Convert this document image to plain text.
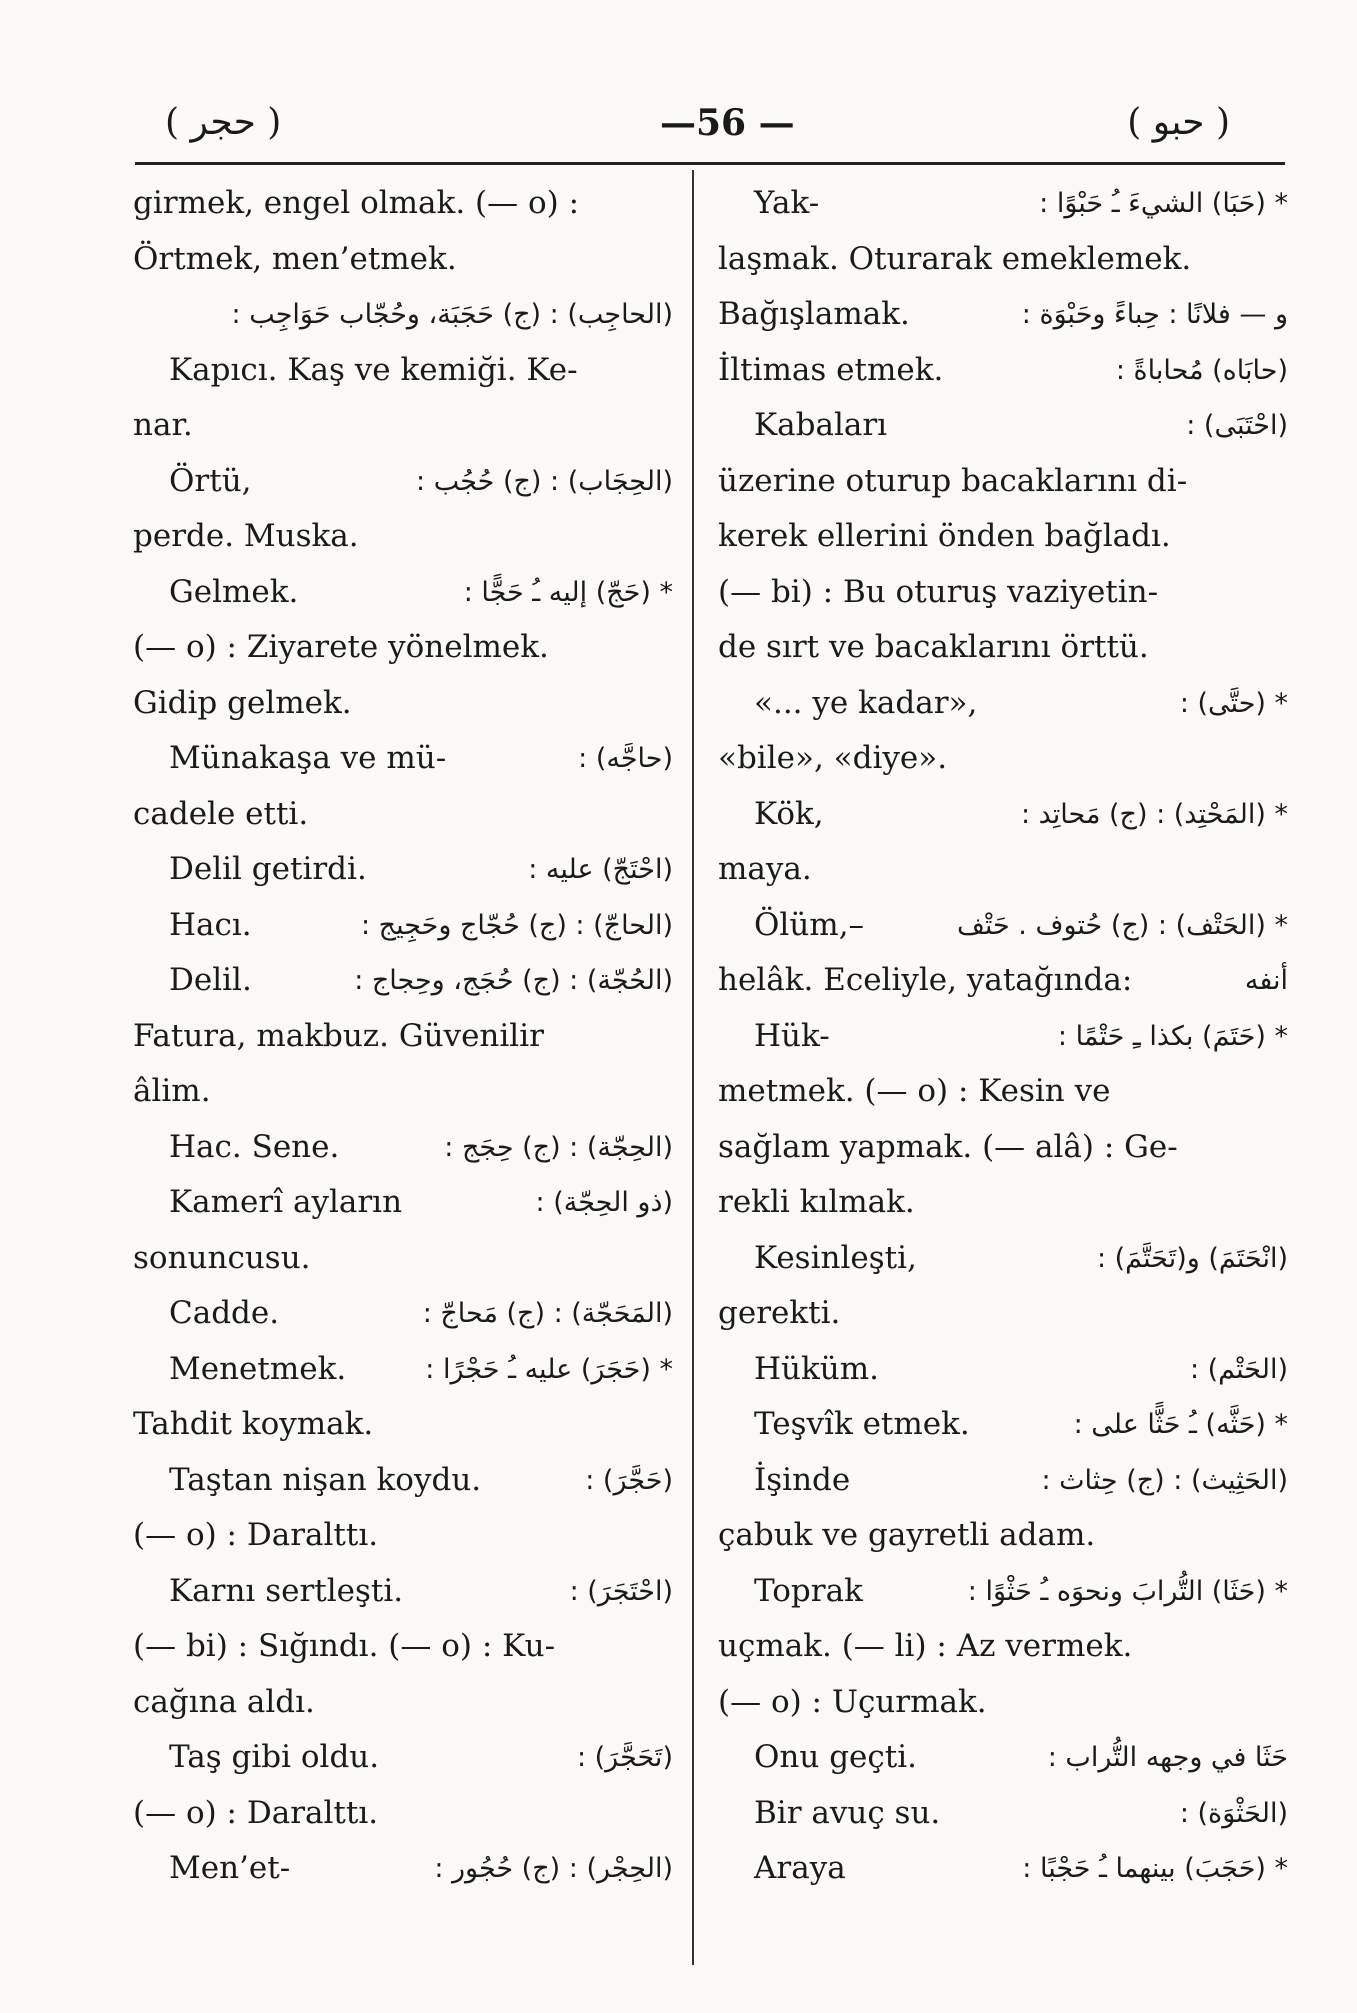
( حجر )	—56 —	( حبو )
girmek, engel olmak. (— o) :
Örtmek, men’etmek.
(الحاجِب) : (ج) حَجَبَة، وحُجّاب حَوَاجِب :
Kapıcı. Kaş ve kemiği. Ke-
nar.
Örtü,	(الحِجَاب) : (ج) حُجُب :
perde. Muska.
Gelmek.	* (حَجّ) إليه ـُ حَجًّا :
(— o) : Ziyarete yönelmek.
Gidip gelmek.
Münakaşa ve mü-	(حاجَّه) :
cadele etti.
Delil getirdi.	(احْتَجّ) عليه :
Hacı.	(الحاجّ) : (ج) حُجّاج وحَجِيج :
Delil.	(الحُجّة) : (ج) حُجَج، وحِجاج :
Fatura, makbuz. Güvenilir
âlim.
Hac. Sene.	(الحِجّة) : (ج) حِجَج :
Kamerî ayların	(ذو الحِجّة) :
sonuncusu.
Cadde.	(المَحَجّة) : (ج) مَحاجّ :
Menetmek.	* (حَجَرَ) عليه ـُ حَجْرًا :
Tahdit koymak.
Taştan nişan koydu.	(حَجَّرَ) :
(— o) : Daralttı.
Karnı sertleşti.	(احْتَجَرَ) :
(— bi) : Sığındı. (— o) : Ku-
cağına aldı.
Taş gibi oldu.	(تَحَجَّرَ) :
(— o) : Daralttı.
Men’et-	(الحِجْر) : (ج) حُجُور :
Yak-	* (حَبَا) الشيءَ ـُ حَبْوًا :
laşmak. Oturarak emeklemek.
Bağışlamak.	و — فلانًا : حِباءً وحَبْوَة :
İltimas etmek.	(حابَاه) مُحاباةً :
Kabaları	(احْتَبَى) :
üzerine oturup bacaklarını di-
kerek ellerini önden bağladı.
(— bi) : Bu oturuş vaziyetin-
de sırt ve bacaklarını örttü.
«... ye kadar»,	* (حتَّى) :
«bile», «diye».
Kök,	* (المَحْتِد) : (ج) مَحاتِد :
maya.
Ölüm,–	* (الحَتْف) : (ج) حُتوف . حَتْف
helâk. Eceliyle, yatağında:	أنفه
Hük-	* (حَتَمَ) بكذا ـِ حَتْمًا :
metmek. (— o) : Kesin ve
sağlam yapmak. (— alâ) : Ge-
rekli kılmak.
Kesinleşti,	(انْحَتَمَ) و(تَحَتَّمَ) :
gerekti.
Hüküm.	(الحَتْم) :
Teşvîk etmek.	* (حَثَّه) ـُ حَثًّا على :
İşinde	(الحَثِيث) : (ج) حِثاث :
çabuk ve gayretli adam.
Toprak	* (حَثَا) التُّرابَ ونحوَه ـُ حَثْوًا :
uçmak. (— li) : Az vermek.
(— o) : Uçurmak.
Onu geçti.	حَثَا في وجهه التُّراب :
Bir avuç su.	(الحَثْوَة) :
Araya	* (حَجَبَ) بينهما ـُ حَجْبًا :
